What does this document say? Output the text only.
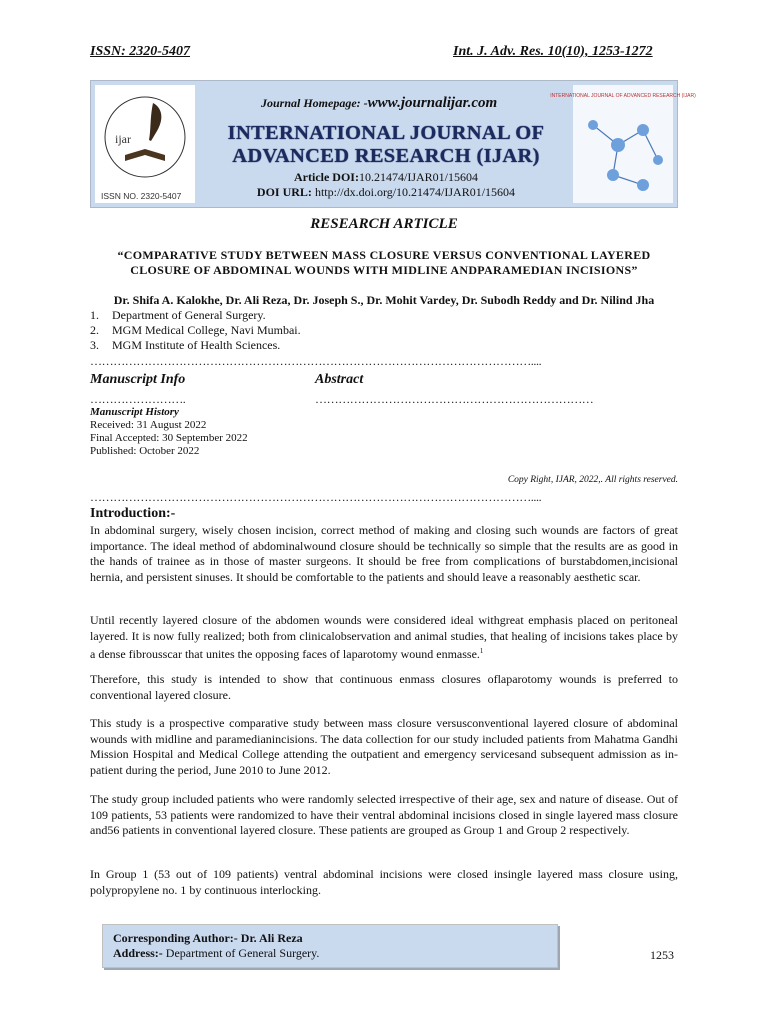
ISSN: 2320-5407	Int. J. Adv. Res. 10(10), 1253-1272
ijar
ISSN NO. 2320-5407
Journal Homepage: -www.journalijar.com
INTERNATIONAL JOURNAL OF
ADVANCED RESEARCH (IJAR)
Article DOI:10.21474/IJAR01/15604
DOI URL: http://dx.doi.org/10.21474/IJAR01/15604
INTERNATIONAL JOURNAL OF ADVANCED RESEARCH (IJAR)
RESEARCH ARTICLE
“COMPARATIVE STUDY BETWEEN MASS CLOSURE VERSUS CONVENTIONAL LAYERED
CLOSURE OF ABDOMINAL WOUNDS WITH MIDLINE ANDPARAMEDIAN INCISIONS”
Dr. Shifa A. Kalokhe, Dr. Ali Reza, Dr. Joseph S., Dr. Mohit Vardey, Dr. Subodh Reddy and Dr. Nilind Jha
1. Department of General Surgery.
2. MGM Medical College, Navi Mumbai.
3. MGM Institute of Health Sciences.
……………………………………………………………………………………………………....
Manuscript Info	Abstract
…………………….	………………………………………………………………
Manuscript History
Received: 31 August 2022
Final Accepted: 30 September 2022
Published: October 2022
Copy Right, IJAR, 2022,. All rights reserved.
……………………………………………………………………………………………………....
Introduction:-
In abdominal surgery, wisely chosen incision, correct method of making and closing such wounds are factors of great importance. The ideal method of abdominalwound closure should be technically so simple that the results are as good in the hands of trainee as in those of master surgeons. It should be free from complications of burstabdomen,incisional hernia, and persistent sinuses. It should be comfortable to the patients and should leave a reasonably aesthetic scar.
Until recently layered closure of the abdomen wounds were considered ideal withgreat emphasis placed on peritoneal layered. It is now fully realized; both from clinicalobservation and animal studies, that healing of incisions takes place by a dense fibrousscar that unites the opposing faces of laparotomy wound enmasse.$^1$
Therefore, this study is intended to show that continuous enmass closures oflaparotomy wounds is preferred to conventional layered closure.
This study is a prospective comparative study between mass closure versusconventional layered closure of abdominal wounds with midline and paramedianincisions. The data collection for our study included patients from Mahatma Gandhi Mission Hospital and Medical College attending the outpatient and emergency servicesand subsequent admission as in-patient during the period, June 2010 to June 2012.
The study group included patients who were randomly selected irrespective of their age, sex and nature of disease. Out of 109 patients, 53 patients were randomized to have their ventral abdominal incisions closed in single layered mass closure and56 patients in conventional layered closure. These patients are grouped as Group 1 and Group 2 respectively.
In Group 1 (53 out of 109 patients) ventral abdominal incisions were closed insingle layered mass closure using, polypropylene no. 1 by continuous interlocking.
Corresponding Author:- Dr. Ali Reza
Address:- Department of General Surgery.	1253
